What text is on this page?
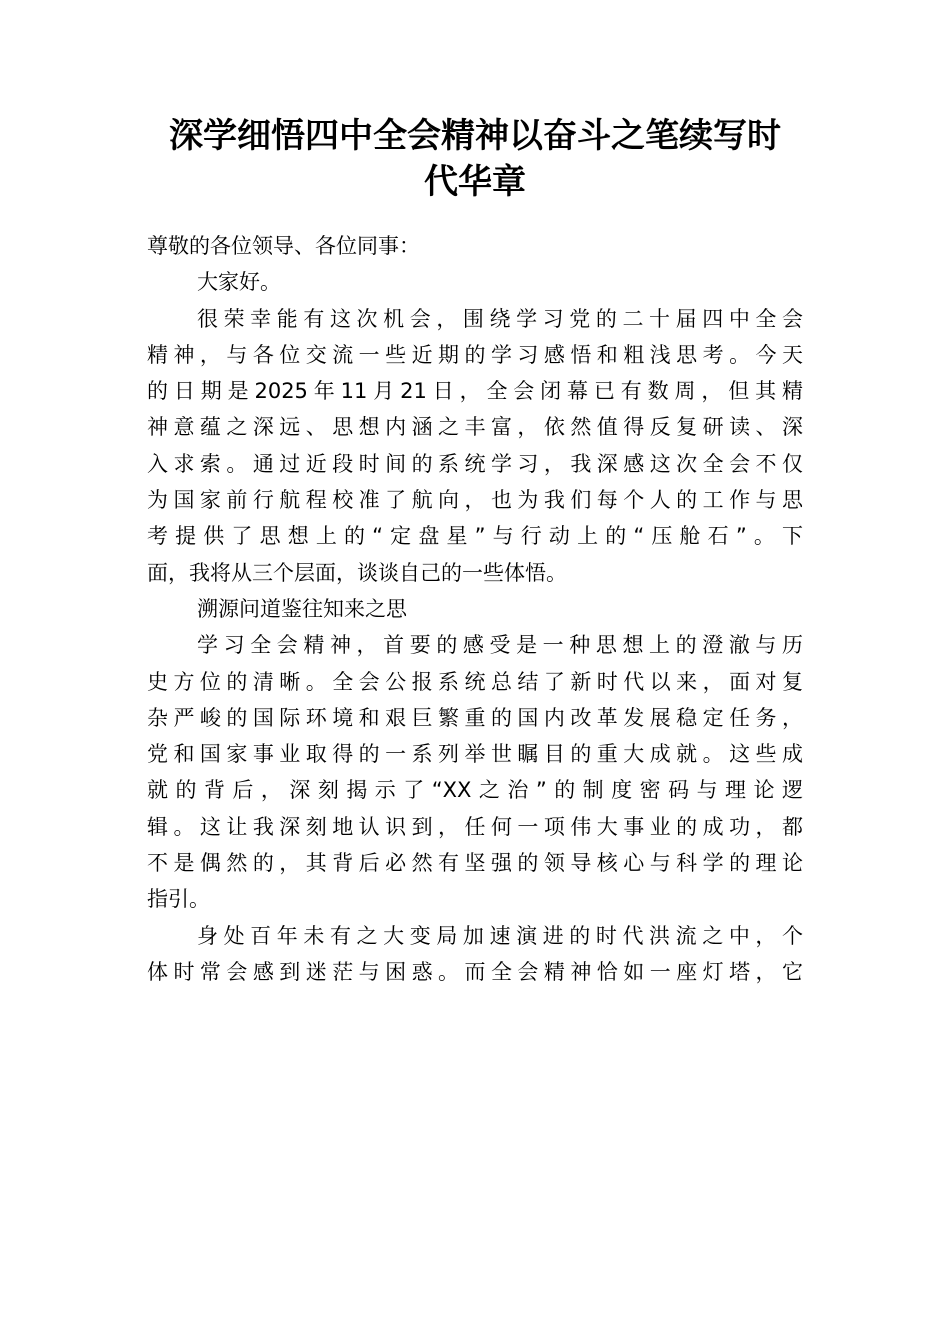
深学细悟四中全会精神以奋斗之笔续写时
代华章
尊敬的各位领导、各位同事：
大家好。
很荣幸能有这次机会，围绕学习党的二十届四中全会
精神，与各位交流一些近期的学习感悟和粗浅思考。今天
的日期是2025年11月21日，全会闭幕已有数周，但其精
神意蕴之深远、思想内涵之丰富，依然值得反复研读、深
入求索。通过近段时间的系统学习，我深感这次全会不仅
为国家前行航程校准了航向，也为我们每个人的工作与思
考提供了思想上的“定盘星”与行动上的“压舱石”。下
面，我将从三个层面，谈谈自己的一些体悟。
溯源问道鉴往知来之思
学习全会精神，首要的感受是一种思想上的澄澈与历
史方位的清晰。全会公报系统总结了新时代以来，面对复
杂严峻的国际环境和艰巨繁重的国内改革发展稳定任务，
党和国家事业取得的一系列举世瞩目的重大成就。这些成
就的背后，深刻揭示了“XX之治”的制度密码与理论逻
辑。这让我深刻地认识到，任何一项伟大事业的成功，都
不是偶然的，其背后必然有坚强的领导核心与科学的理论
指引。
身处百年未有之大变局加速演进的时代洪流之中，个
体时常会感到迷茫与困惑。而全会精神恰如一座灯塔，它
